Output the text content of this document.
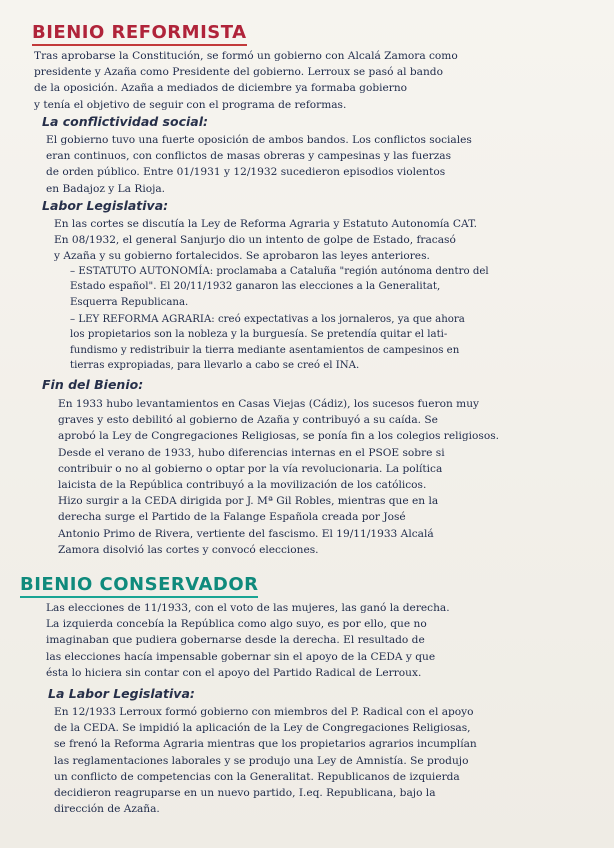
BIENIO REFORMISTA
Tras aprobarse la Constitución, se formó un gobierno con Alcalá Zamora como
presidente y Azaña como Presidente del gobierno. Lerroux se pasó al bando
de la oposición. Azaña a mediados de diciembre ya formaba gobierno
y tenía el objetivo de seguir con el programa de reformas.
La conflictividad social:
El gobierno tuvo una fuerte oposición de ambos bandos. Los conflictos sociales
eran continuos, con conflictos de masas obreras y campesinas y las fuerzas
de orden público. Entre 01/1931 y 12/1932 sucedieron episodios violentos
en Badajoz y La Rioja.
Labor Legislativa:
En las cortes se discutía la Ley de Reforma Agraria y Estatuto Autonomía CAT.
En 08/1932, el general Sanjurjo dio un intento de golpe de Estado, fracasó
y Azaña y su gobierno fortalecidos. Se aprobaron las leyes anteriores.
– ESTATUTO AUTONOMÍA: proclamaba a Cataluña "región autónoma dentro del
Estado español". El 20/11/1932 ganaron las elecciones a la Generalitat,
Esquerra Republicana.
– LEY REFORMA AGRARIA: creó expectativas a los jornaleros, ya que ahora
los propietarios son la nobleza y la burguesía. Se pretendía quitar el lati-
fundismo y redistribuir la tierra mediante asentamientos de campesinos en
tierras expropiadas, para llevarlo a cabo se creó el INA.
Fin del Bienio:
En 1933 hubo levantamientos en Casas Viejas (Cádiz), los sucesos fueron muy
graves y esto debilitó al gobierno de Azaña y contribuyó a su caída. Se
aprobó la Ley de Congregaciones Religiosas, se ponía fin a los colegios religiosos.
Desde el verano de 1933, hubo diferencias internas en el PSOE sobre si
contribuir o no al gobierno o optar por la vía revolucionaria. La política
laicista de la República contribuyó a la movilización de los católicos.
Hizo surgir a la CEDA dirigida por J. Mª Gil Robles, mientras que en la
derecha surge el Partido de la Falange Española creada por José
Antonio Primo de Rivera, vertiente del fascismo. El 19/11/1933 Alcalá
Zamora disolvió las cortes y convocó elecciones.
BIENIO CONSERVADOR
Las elecciones de 11/1933, con el voto de las mujeres, las ganó la derecha.
La izquierda concebía la República como algo suyo, es por ello, que no
imaginaban que pudiera gobernarse desde la derecha. El resultado de
las elecciones hacía impensable gobernar sin el apoyo de la CEDA y que
ésta lo hiciera sin contar con el apoyo del Partido Radical de Lerroux.
La Labor Legislativa:
En 12/1933 Lerroux formó gobierno con miembros del P. Radical con el apoyo
de la CEDA. Se impidió la aplicación de la Ley de Congregaciones Religiosas,
se frenó la Reforma Agraria mientras que los propietarios agrarios incumplían
las reglamentaciones laborales y se produjo una Ley de Amnistía. Se produjo
un conflicto de competencias con la Generalitat. Republicanos de izquierda
decidieron reagruparse en un nuevo partido, I.eq. Republicana, bajo la
dirección de Azaña.
